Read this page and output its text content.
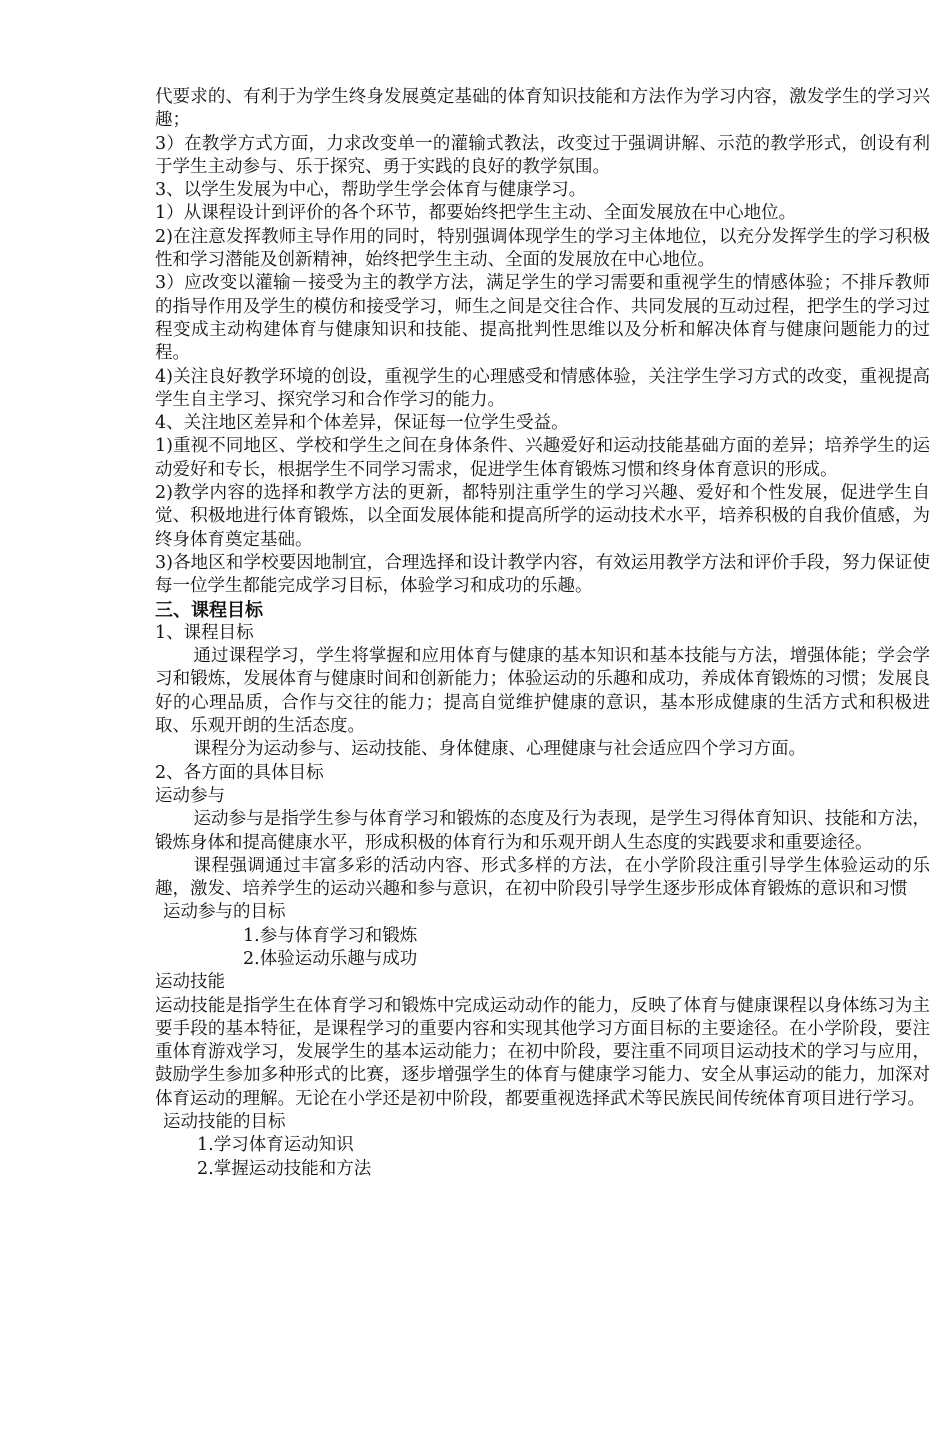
代要求的、有利于为学生终身发展奠定基础的体育知识技能和方法作为学习内容，激发学生的学习兴趣；
3）在教学方式方面，力求改变单一的灌输式教法，改变过于强调讲解、示范的教学形式，创设有利于学生主动参与、乐于探究、勇于实践的良好的教学氛围。
3、以学生发展为中心，帮助学生学会体育与健康学习。
1）从课程设计到评价的各个环节，都要始终把学生主动、全面发展放在中心地位。
2)在注意发挥教师主导作用的同时，特别强调体现学生的学习主体地位，以充分发挥学生的学习积极性和学习潜能及创新精神，始终把学生主动、全面的发展放在中心地位。
3）应改变以灌输－接受为主的教学方法，满足学生的学习需要和重视学生的情感体验；不排斥教师的指导作用及学生的模仿和接受学习，师生之间是交往合作、共同发展的互动过程，把学生的学习过程变成主动构建体育与健康知识和技能、提高批判性思维以及分析和解决体育与健康问题能力的过程。
4)关注良好教学环境的创设，重视学生的心理感受和情感体验，关注学生学习方式的改变，重视提高学生自主学习、探究学习和合作学习的能力。
4、关注地区差异和个体差异，保证每一位学生受益。
1)重视不同地区、学校和学生之间在身体条件、兴趣爱好和运动技能基础方面的差异；培养学生的运动爱好和专长，根据学生不同学习需求，促进学生体育锻炼习惯和终身体育意识的形成。
2)教学内容的选择和教学方法的更新，都特别注重学生的学习兴趣、爱好和个性发展，促进学生自觉、积极地进行体育锻炼，以全面发展体能和提高所学的运动技术水平，培养积极的自我价值感，为终身体育奠定基础。
3)各地区和学校要因地制宜，合理选择和设计教学内容，有效运用教学方法和评价手段，努力保证使每一位学生都能完成学习目标，体验学习和成功的乐趣。
三、课程目标
1、课程目标
通过课程学习，学生将掌握和应用体育与健康的基本知识和基本技能与方法，增强体能；学会学习和锻炼，发展体育与健康时间和创新能力；体验运动的乐趣和成功，养成体育锻炼的习惯；发展良好的心理品质，合作与交往的能力；提高自觉维护健康的意识，基本形成健康的生活方式和积极进取、乐观开朗的生活态度。
课程分为运动参与、运动技能、身体健康、心理健康与社会适应四个学习方面。
2、各方面的具体目标
运动参与
运动参与是指学生参与体育学习和锻炼的态度及行为表现，是学生习得体育知识、技能和方法，锻炼身体和提高健康水平，形成积极的体育行为和乐观开朗人生态度的实践要求和重要途径。
课程强调通过丰富多彩的活动内容、形式多样的方法，在小学阶段注重引导学生体验运动的乐趣，激发、培养学生的运动兴趣和参与意识，在初中阶段引导学生逐步形成体育锻炼的意识和习惯
运动参与的目标
1.参与体育学习和锻炼
2.体验运动乐趣与成功
运动技能
运动技能是指学生在体育学习和锻炼中完成运动动作的能力，反映了体育与健康课程以身体练习为主要手段的基本特征，是课程学习的重要内容和实现其他学习方面目标的主要途径。在小学阶段，要注重体育游戏学习，发展学生的基本运动能力；在初中阶段，要注重不同项目运动技术的学习与应用，鼓励学生参加多种形式的比赛，逐步增强学生的体育与健康学习能力、安全从事运动的能力，加深对体育运动的理解。无论在小学还是初中阶段，都要重视选择武术等民族民间传统体育项目进行学习。
运动技能的目标
1.学习体育运动知识
2.掌握运动技能和方法
